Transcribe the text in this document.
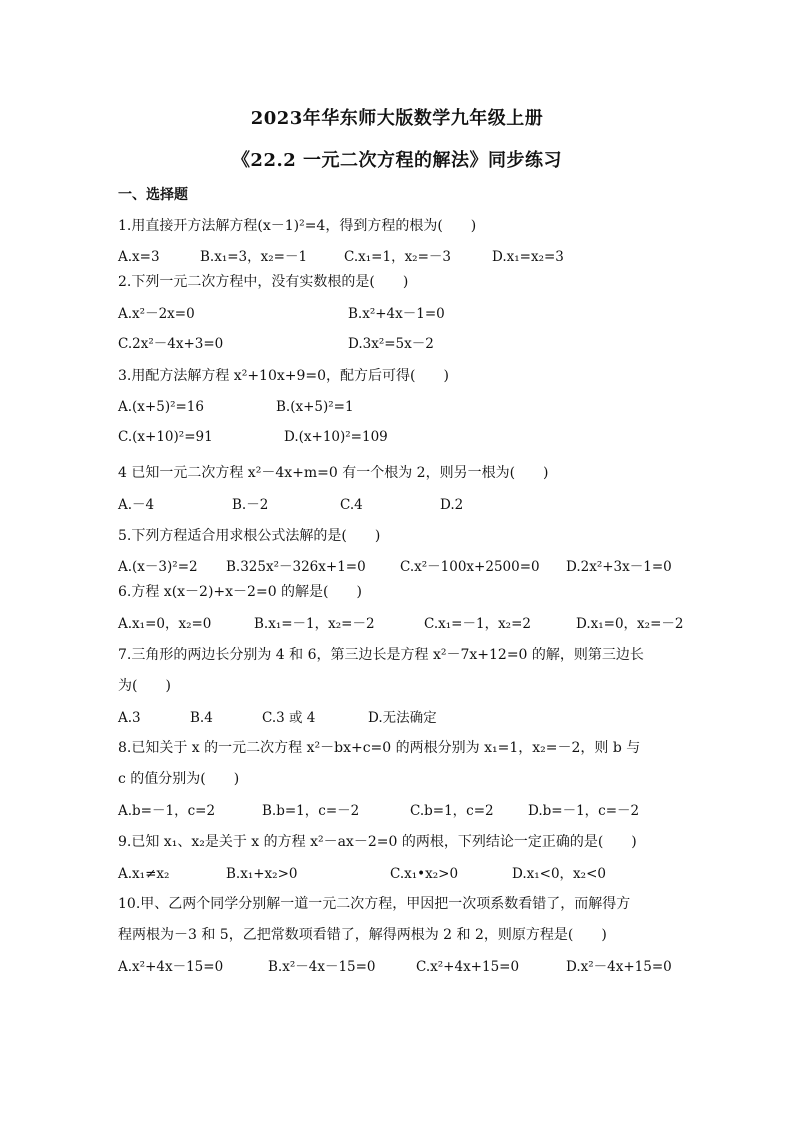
2023年华东师大版数学九年级上册
《22.2 一元二次方程的解法》同步练习
一、选择题
1.用直接开方法解方程(x－1)²=4，得到方程的根为(　　)
A.x=3	B.x₁=3，x₂=－1	C.x₁=1，x₂=－3	D.x₁=x₂=3
2.下列一元二次方程中，没有实数根的是(　　)
A.x²－2x=0	B.x²+4x－1=0
C.2x²－4x+3=0	D.3x²=5x－2
3.用配方法解方程 x²+10x+9=0，配方后可得(　　)
A.(x+5)²=16	B.(x+5)²=1
C.(x+10)²=91	D.(x+10)²=109
4 已知一元二次方程 x²－4x+m=0 有一个根为 2，则另一根为(　　)
A.－4	B.－2	C.4	D.2
5.下列方程适合用求根公式法解的是(　　)
A.(x－3)²=2 B.325x²－326x+1=0	C.x²－100x+2500=0 D.2x²+3x－1=0
6.方程 x(x－2)+x－2=0 的解是(　　)
A.x₁=0，x₂=0	B.x₁=－1，x₂=－2	C.x₁=－1，x₂=2	D.x₁=0，x₂=－2
7.三角形的两边长分别为 4 和 6，第三边长是方程 x²－7x+12=0 的解，则第三边长
为(　　)
A.3	B.4	C.3 或 4	D.无法确定
8.已知关于 x 的一元二次方程 x²－bx+c=0 的两根分别为 x₁=1，x₂=－2，则 b 与
c 的值分别为(　　)
A.b=－1，c=2	B.b=1，c=－2	C.b=1，c=2	D.b=－1，c=－2
9.已知 x₁、x₂是关于 x 的方程 x²－ax－2=0 的两根，下列结论一定正确的是(　　)
A.x₁≠x₂	B.x₁+x₂>0	C.x₁•x₂>0	D.x₁<0，x₂<0
10.甲、乙两个同学分别解一道一元二次方程，甲因把一次项系数看错了，而解得方
程两根为－3 和 5，乙把常数项看错了，解得两根为 2 和 2，则原方程是(　　)
A.x²+4x－15=0	B.x²－4x－15=0	C.x²+4x+15=0	D.x²－4x+15=0
